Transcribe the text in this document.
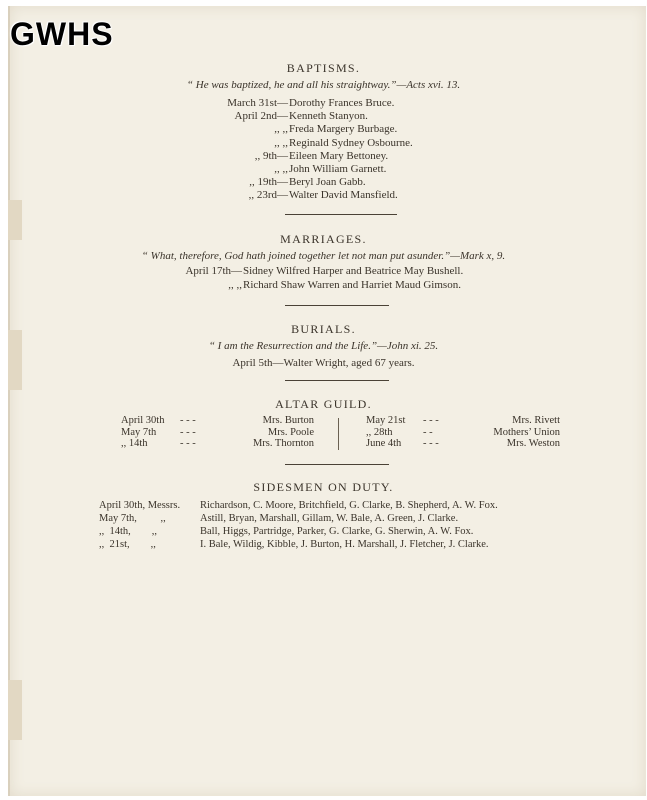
GWHS
BAPTISMS.
“ He was baptized, he and all his straightway.”—Acts xvi. 13.
March 31st— Dorothy Frances Bruce.
April 2nd— Kenneth Stanyon.
,, ,, Freda Margery Burbage.
,, ,, Reginald Sydney Osbourne.
,, 9th— Eileen Mary Bettoney.
,, ,, John William Garnett.
,, 19th— Beryl Joan Gabb.
,, 23rd— Walter David Mansfield.
MARRIAGES.
“ What, therefore, God hath joined together let not man put asunder.”—Mark x, 9.
April 17th— Sidney Wilfred Harper and Beatrice May Bushell.
,, ,, Richard Shaw Warren and Harriet Maud Gimson.
BURIALS.
“ I am the Resurrection and the Life.”—John xi. 25.
April 5th—Walter Wright, aged 67 years.
ALTAR GUILD.
April 30th - - -	Mrs. Burton
May 7th - - -	Mrs. Poole
,, 14th	- - -	Mrs. Thornton
May 21st - - -	Mrs. Rivett
,, 28th	- -	Mothers’ Union
June 4th - - -	Mrs. Weston
SIDESMEN ON DUTY.
April 30th, Messrs. Richardson, C. Moore, Britchfield, G. Clarke, B. Shepherd, A. W. Fox.
May 7th,         ,,	Astill, Bryan, Marshall, Gillam, W. Bale, A. Green, J. Clarke.
,,  14th,        ,,	Ball, Higgs, Partridge, Parker, G. Clarke, G. Sherwin, A. W. Fox.
,,  21st,        ,,	I. Bale, Wildig, Kibble, J. Burton, H. Marshall, J. Fletcher, J. Clarke.
